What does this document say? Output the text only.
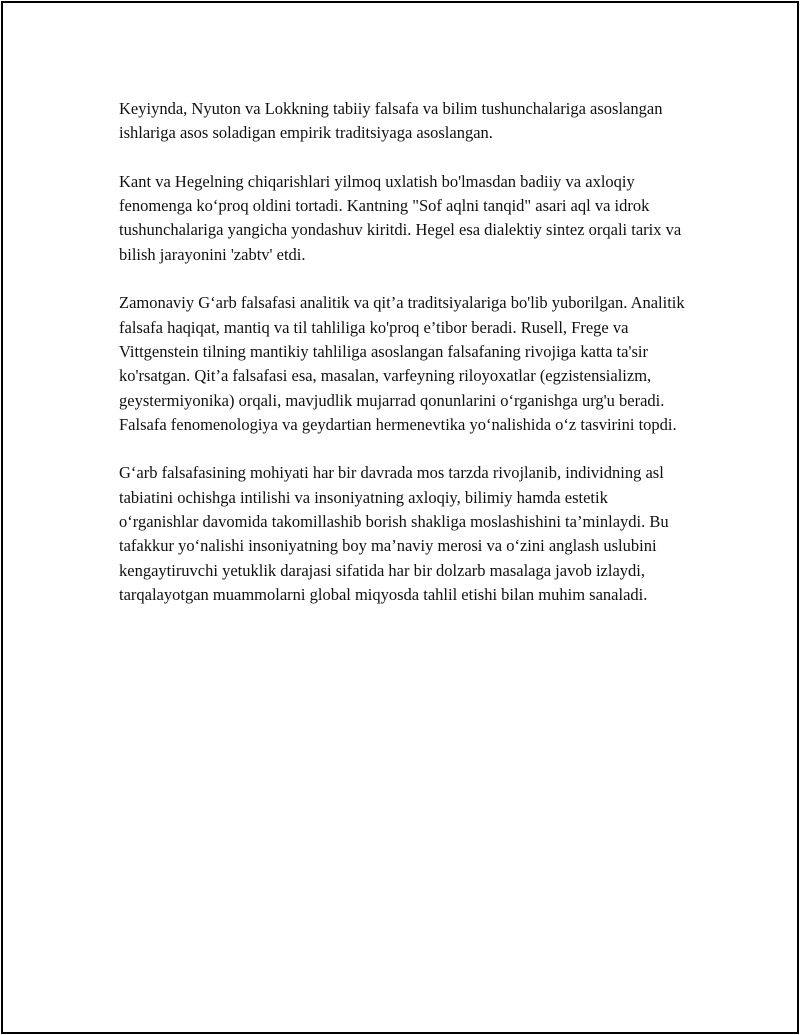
Keyiynda, Nyuton va Lokkning tabiiy falsafa va bilim tushunchalariga asoslangan ishlariga asos soladigan empirik traditsiyaga asoslangan.

Kant va Hegelning chiqarishlari yilmoq uxlatish bo'lmasdan badiiy va axloqiy fenomenga ko‘proq oldini tortadi. Kantning "Sof aqlni tanqid" asari aql va idrok tushunchalariga yangicha yondashuv kiritdi. Hegel esa dialektiy sintez orqali tarix va bilish jarayonini 'zabtv' etdi.

Zamonaviy G‘arb falsafasi analitik va qit’a traditsiyalariga bo'lib yuborilgan. Analitik falsafa haqiqat, mantiq va til tahliliga ko'proq e’tibor beradi. Rusell, Frege va Vittgenstein tilning mantikiy tahliliga asoslangan falsafaning rivojiga katta ta'sir ko'rsatgan. Qit’a falsafasi esa, masalan, varfeyning riloyoxatlar (egzistensializm, geystermiyonika) orqali, mavjudlik mujarrad qonunlarini o‘rganishga urg'u beradi. Falsafa fenomenologiya va geydartian hermenevtika yo‘nalishida o‘z tasvirini topdi.

G‘arb falsafasining mohiyati har bir davrada mos tarzda rivojlanib, individning asl tabiatini ochishga intilishi va insoniyatning axloqiy, bilimiy hamda estetik o‘rganishlar davomida takomillashib borish shakliga moslashishini ta’minlaydi. Bu tafakkur yo‘nalishi insoniyatning boy ma’naviy merosi va o‘zini anglash uslubini kengaytiruvchi yetuklik darajasi sifatida har bir dolzarb masalaga javob izlaydi, tarqalayotgan muammolarni global miqyosda tahlil etishi bilan muhim sanaladi.
